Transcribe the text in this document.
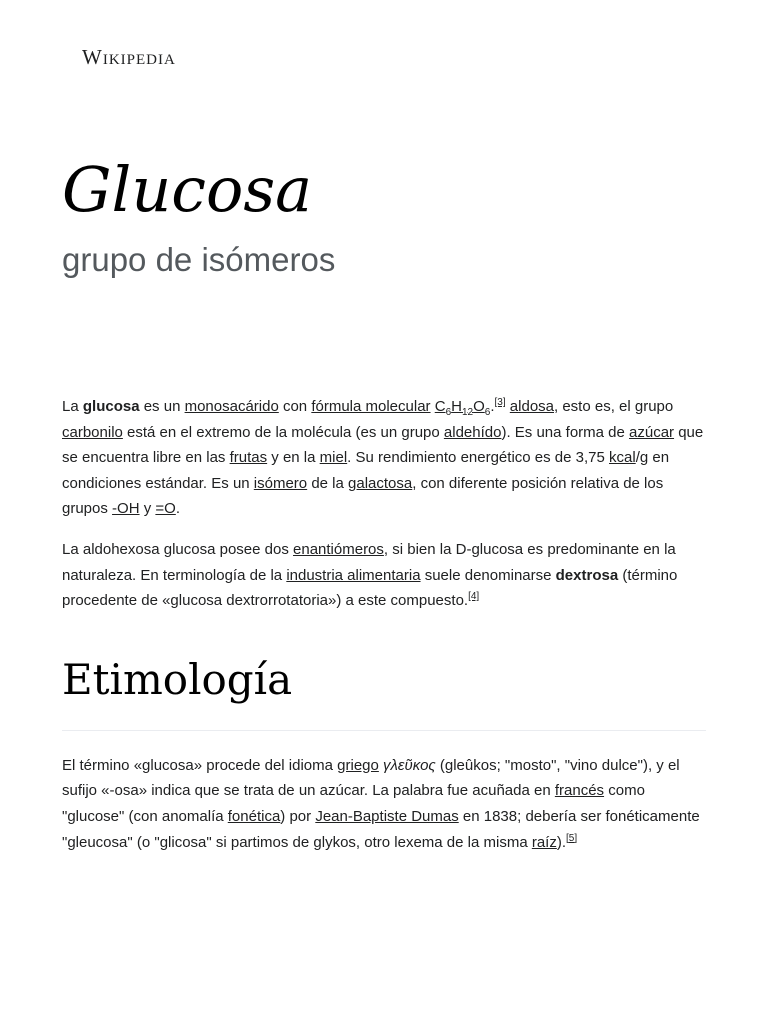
Wikipedia
Glucosa
grupo de isómeros

La glucosa es un monosacárido con fórmula molecular $C_6H_{12}O_6.[3]$ aldosa, esto es, el grupo carbonilo está en el extremo de la molécula (es un grupo aldehído). Es una forma de azúcar que se encuentra libre en las frutas y en la miel. Su rendimiento energético es de 3,75 kcal/g en condiciones estándar. Es un isómero de la galactosa, con diferente posición relativa de los grupos -OH y =O.

La aldohexosa glucosa posee dos enantiómeros, si bien la D-glucosa es predominante en la naturaleza. En terminología de la industria alimentaria suele denominarse dextrosa (término procedente de «glucosa dextrorrotatoria») a este compuesto.[4]

Etimología

El término «glucosa» procede del idioma griego γλεῦκος (gleûkos; "mosto", "vino dulce"), y el sufijo «-osa» indica que se trata de un azúcar. La palabra fue acuñada en francés como "glucose" (con anomalía fonética) por Jean-Baptiste Dumas en 1838; debería ser fonéticamente "gleucosa" (o "glicosa" si partimos de glykos, otro lexema de la misma raíz).[5]
